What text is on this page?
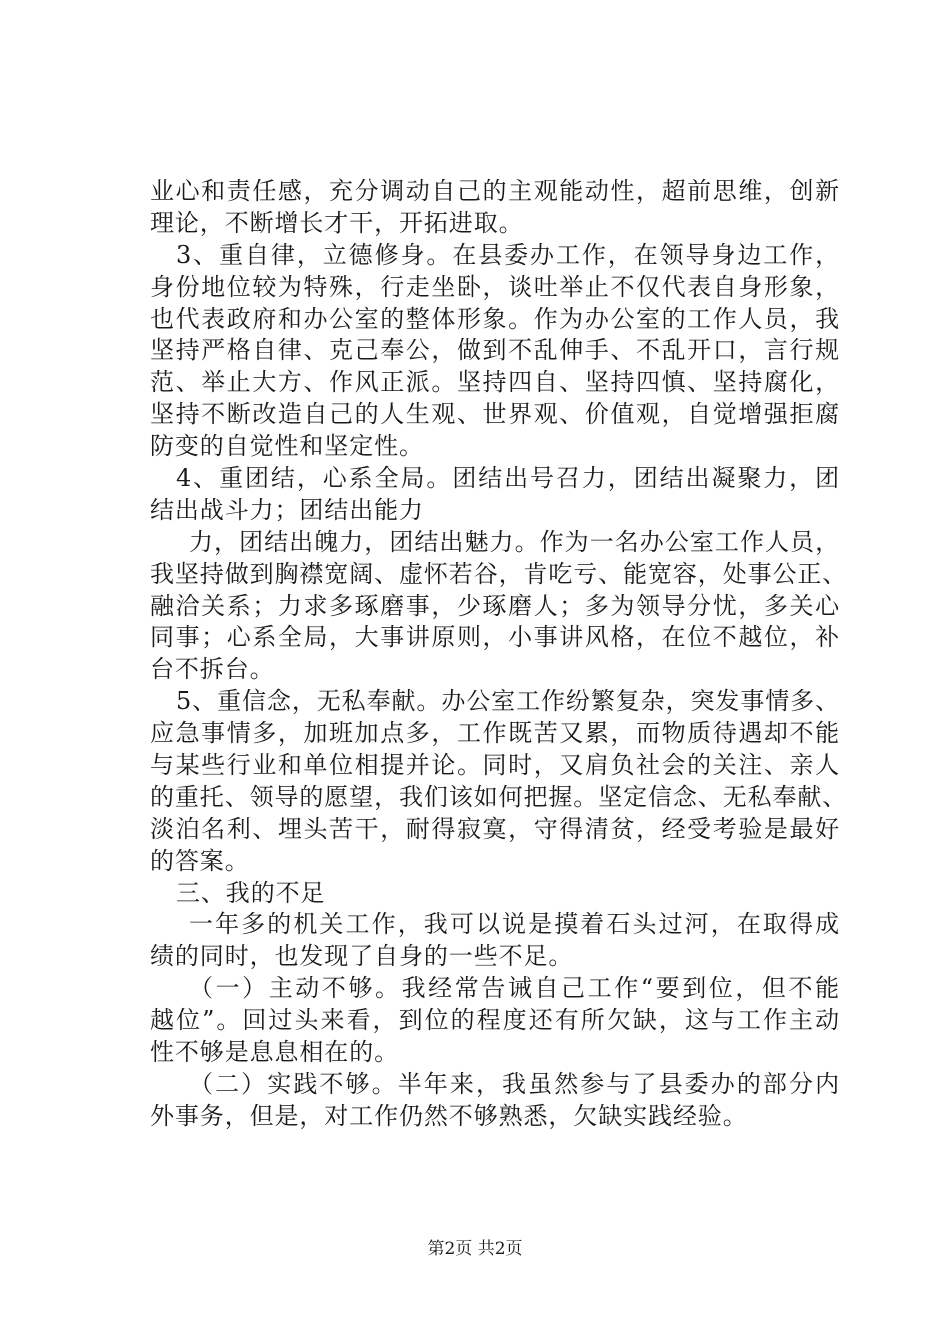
业心和责任感，充分调动自己的主观能动性，超前思维，创新
理论，不断增长才干，开拓进取。
3、重自律，立德修身。在县委办工作，在领导身边工作，
身份地位较为特殊，行走坐卧，谈吐举止不仅代表自身形象，
也代表政府和办公室的整体形象。作为办公室的工作人员，我
坚持严格自律、克己奉公，做到不乱伸手、不乱开口，言行规
范、举止大方、作风正派。坚持四自、坚持四慎、坚持腐化，
坚持不断改造自己的人生观、世界观、价值观，自觉增强拒腐
防变的自觉性和坚定性。
4、重团结，心系全局。团结出号召力，团结出凝聚力，团
结出战斗力；团结出能力
力，团结出魄力，团结出魅力。作为一名办公室工作人员，
我坚持做到胸襟宽阔、虚怀若谷，肯吃亏、能宽容，处事公正、
融洽关系；力求多琢磨事，少琢磨人；多为领导分忧，多关心
同事；心系全局，大事讲原则，小事讲风格，在位不越位，补
台不拆台。
5、重信念，无私奉献。办公室工作纷繁复杂，突发事情多、
应急事情多，加班加点多，工作既苦又累，而物质待遇却不能
与某些行业和单位相提并论。同时，又肩负社会的关注、亲人
的重托、领导的愿望，我们该如何把握。坚定信念、无私奉献、
淡泊名利、埋头苦干，耐得寂寞，守得清贫，经受考验是最好
的答案。
三、我的不足
一年多的机关工作，我可以说是摸着石头过河，在取得成
绩的同时，也发现了自身的一些不足。
（一）主动不够。我经常告诫自己工作“要到位，但不能
越位”。回过头来看，到位的程度还有所欠缺，这与工作主动
性不够是息息相在的。
（二）实践不够。半年来，我虽然参与了县委办的部分内
外事务，但是，对工作仍然不够熟悉，欠缺实践经验。
第2页 共2页
